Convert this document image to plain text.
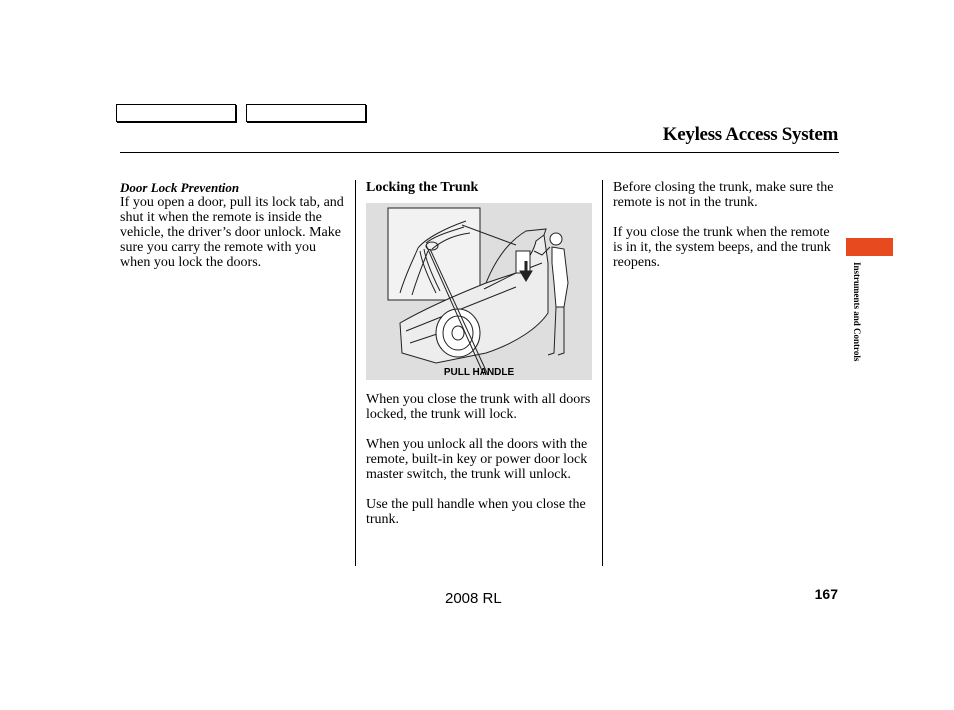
Keyless Access System
Door Lock Prevention

If you open a door, pull its lock tab, and shut it when the remote is inside the vehicle, the driver’s door unlock. Make sure you carry the remote with you when you lock the doors.

Locking the Trunk
PULL HANDLE

When you close the trunk with all doors locked, the trunk will lock.

When you unlock all the doors with the remote, built-in key or power door lock master switch, the trunk will unlock.

Use the pull handle when you close the trunk.

Before closing the trunk, make sure the remote is not in the trunk.

If you close the trunk when the remote is in it, the system beeps, and the trunk reopens.	Instruments and Controls
2008 RL	167
